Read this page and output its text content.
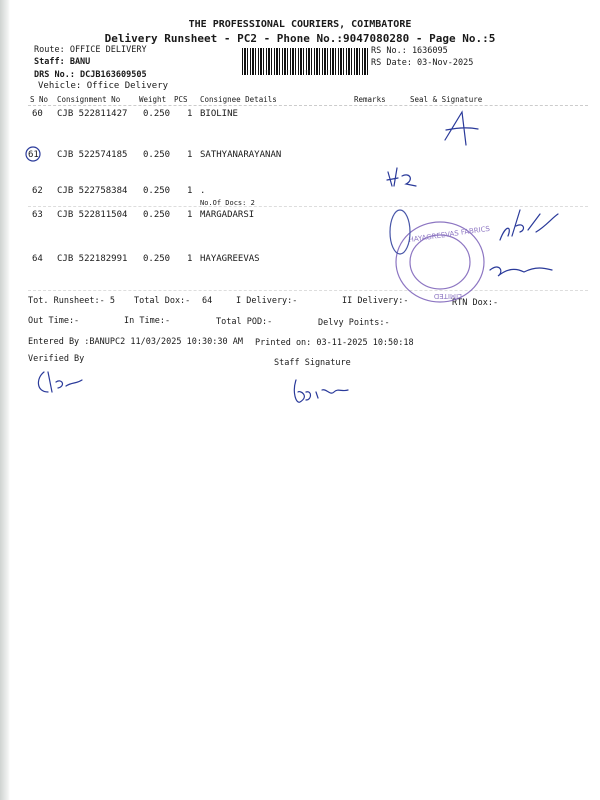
THE PROFESSIONAL COURIERS, COIMBATORE
Delivery Runsheet - PC2 - Phone No.:9047080280 - Page No.:5
Route: OFFICE DELIVERY
Staff: BANU
DRS No.: DCJB163609505
Vehicle: Office Delivery
RS No.: 1636095
RS Date: 03-Nov-2025
S No Consignment No	Weight PCS Consignee Details	Remarks	Seal & Signature
60 CJB 522811427 0.250 1 BIOLINE
61 CJB 522574185 0.250 1 SATHYANARAYANAN
62 CJB 522758384 0.250 1 .
No.Of Docs: 2
63 CJB 522811504 0.250 1 MARGADARSI
64 CJB 522182991 0.250 1 HAYAGREEVAS
Tot. Runsheet:- 5 Total Dox:- 64	I Delivery:-	II Delivery:-	RTN Dox:-
Out Time:-	In Time:-	Total POD:-	Delvy Points:-
Entered By :BANUPC2 11/03/2025 10:30:30 AM Printed on: 03-11-2025 10:50:18
Verified By	Staff Signature
HAYAGREEVAS FABRICS
LIMITED
